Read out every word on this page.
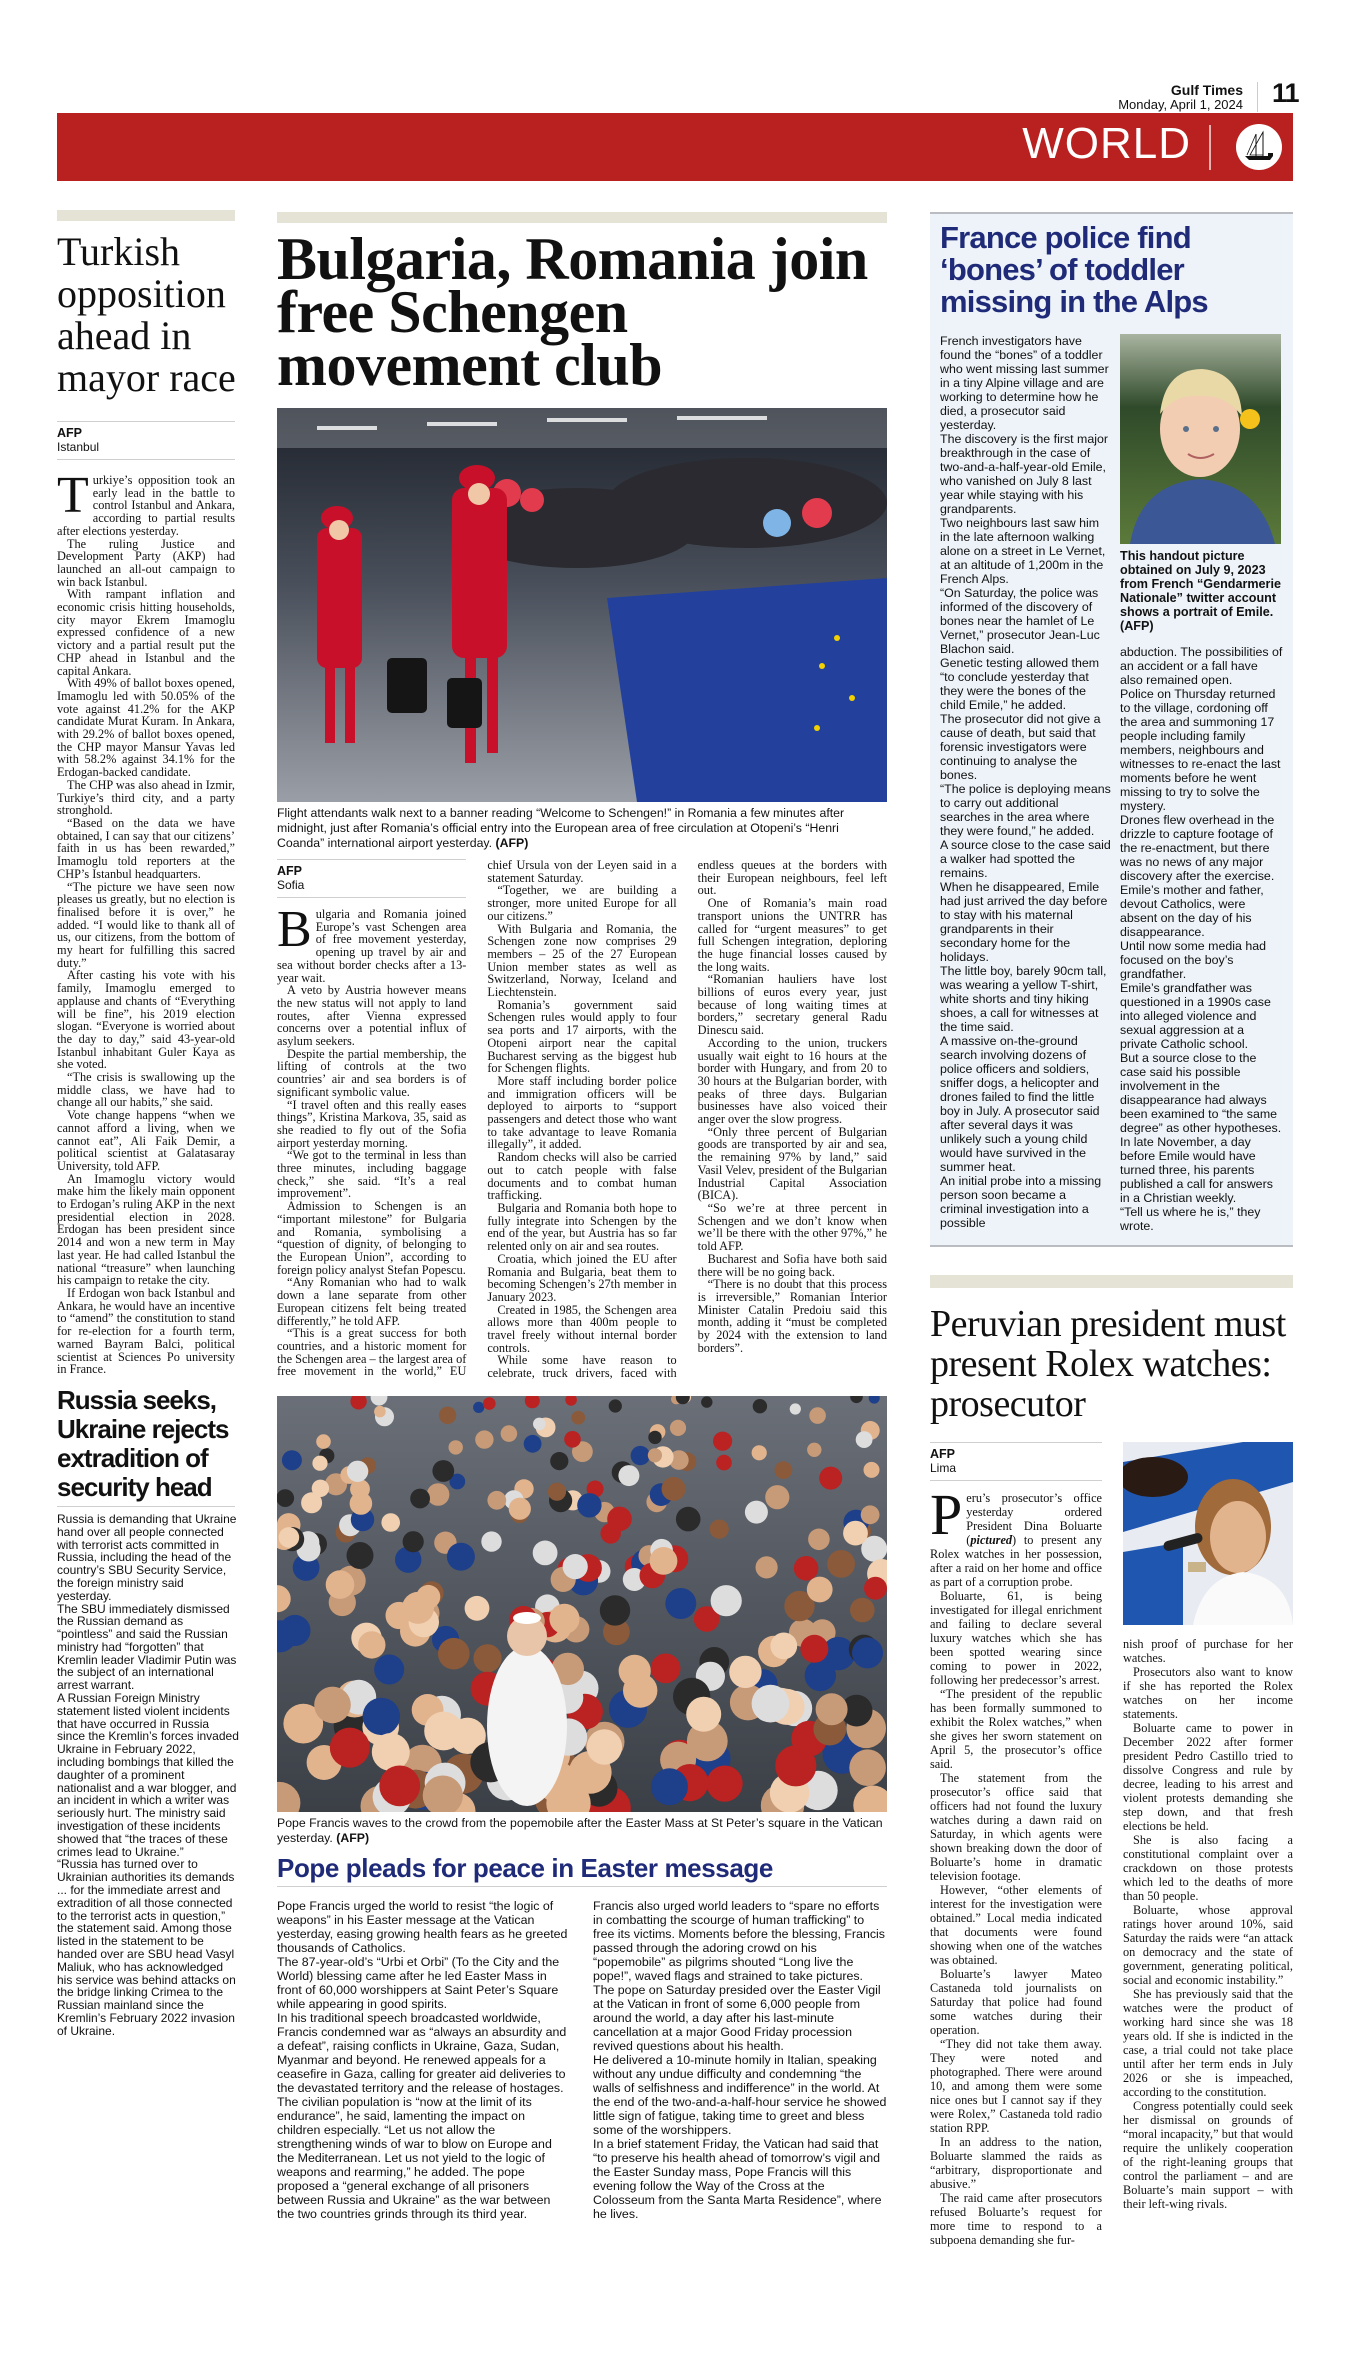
Gulf Times
Monday, April 1, 2024 11
WORLD
Turkish opposition ahead in mayor race
AFP
Istanbul
T urkiye’s opposition took an early lead in the battle to control Istanbul and Ankara, according to partial results after elections yesterday.

The ruling Justice and Development Party (AKP) had launched an all-out campaign to win back Istanbul.

With rampant inflation and economic crisis hitting households, city mayor Ekrem Imamoglu expressed confidence of a new victory and a partial result put the CHP ahead in Istanbul and the capital Ankara.

With 49% of ballot boxes opened, Imamoglu led with 50.05% of the vote against 41.2% for the AKP candidate Murat Kuram. In Ankara, with 29.2% of ballot boxes opened, the CHP mayor Mansur Yavas led with 58.2% against 34.1% for the Erdogan-backed candidate.

The CHP was also ahead in Izmir, Turkiye’s third city, and a party stronghold.

“Based on the data we have obtained, I can say that our citizens’ faith in us has been rewarded,” Imamoglu told reporters at the CHP’s Istanbul headquarters.

“The picture we have seen now pleases us greatly, but no election is finalised before it is over,” he added. “I would like to thank all of us, our citizens, from the bottom of my heart for fulfilling this sacred duty.”

After casting his vote with his family, Imamoglu emerged to applause and chants of “Everything will be fine”, his 2019 election slogan. “Everyone is worried about the day to day,” said 43-year-old Istanbul inhabitant Guler Kaya as she voted.

“The crisis is swallowing up the middle class, we have had to change all our habits,” she said.

Vote change happens “when we cannot afford a living, when we cannot eat”, Ali Faik Demir, a political scientist at Galatasaray University, told AFP.

An Imamoglu victory would make him the likely main opponent to Erdogan’s ruling AKP in the next presidential election in 2028. Erdogan has been president since 2014 and won a new term in May last year. He had called Istanbul the national “treasure” when launching his campaign to retake the city.

If Erdogan won back Istanbul and Ankara, he would have an incentive to “amend” the constitution to stand for re-election for a fourth term, warned Bayram Balci, political scientist at Sciences Po university in France.

Russia seeks, Ukraine rejects extradition of security head

Russia is demanding that Ukraine hand over all people connected with terrorist acts committed in Russia, including the head of the country’s SBU Security Service, the foreign ministry said yesterday.

The SBU immediately dismissed the Russian demand as “pointless” and said the Russian ministry had “forgotten” that Kremlin leader Vladimir Putin was the subject of an international arrest warrant.

A Russian Foreign Ministry statement listed violent incidents that have occurred in Russia since the Kremlin’s forces invaded Ukraine in February 2022, including bombings that killed the daughter of a prominent nationalist and a war blogger, and an incident in which a writer was seriously hurt. The ministry said investigation of these incidents showed that “the traces of these crimes lead to Ukraine.”

“Russia has turned over to Ukrainian authorities its demands ... for the immediate arrest and extradition of all those connected to the terrorist acts in question,” the statement said. Among those listed in the statement to be handed over are SBU head Vasyl Maliuk, who has acknowledged his service was behind attacks on the bridge linking Crimea to the Russian mainland since the Kremlin’s February 2022 invasion of Ukraine.

Bulgaria, Romania join free Schengen movement club
Flight attendants walk next to a banner reading “Welcome to Schengen!” in Romania a few minutes after midnight, just after Romania’s official entry into the European area of free circulation at Otopeni’s “Henri Coanda” international airport yesterday. (AFP)
AFP
Sofia
B ulgaria and Romania joined Europe’s vast Schengen area of free movement yesterday, opening up travel by air and sea without border checks after a 13-year wait.

A veto by Austria however means the new status will not apply to land routes, after Vienna expressed concerns over a potential influx of asylum seekers.

Despite the partial membership, the lifting of controls at the two countries’ air and sea borders is of significant symbolic value.

“I travel often and this really eases things”, Kristina Markova, 35, said as she readied to fly out of the Sofia airport yesterday morning.

“We got to the terminal in less than three minutes, including baggage check,” she said. “It’s a real improvement”.

Admission to Schengen is an “important milestone” for Bulgaria and Romania, symbolising a “question of dignity, of belonging to the European Union”, according to foreign policy analyst Stefan Popescu.

“Any Romanian who had to walk down a lane separate from other European citizens felt being treated differently,” he told AFP.

“This is a great success for both countries, and a historic moment for the Schengen area – the largest area of free movement in the world,” EU chief Ursula von der Leyen said in a statement Saturday.

“Together, we are building a stronger, more united Europe for all our citizens.”

With Bulgaria and Romania, the Schengen zone now comprises 29 members – 25 of the 27 European Union member states as well as Switzerland, Norway, Iceland and Liechtenstein.

Romania’s government said Schengen rules would apply to four sea ports and 17 airports, with the Otopeni airport near the capital Bucharest serving as the biggest hub for Schengen flights.

More staff including border police and immigration officers will be deployed to airports to “support passengers and detect those who want to take advantage to leave Romania illegally”, it added.

Random checks will also be carried out to catch people with false documents and to combat human trafficking.

Bulgaria and Romania both hope to fully integrate into Schengen by the end of the year, but Austria has so far relented only on air and sea routes.

Croatia, which joined the EU after Romania and Bulgaria, beat them to becoming Schengen’s 27th member in January 2023.

Created in 1985, the Schengen area allows more than 400m people to travel freely without internal border controls.

While some have reason to celebrate, truck drivers, faced with endless queues at the borders with their European neighbours, feel left out.

One of Romania’s main road transport unions the UNTRR has called for “urgent measures” to get full Schengen integration, deploring the huge financial losses caused by the long waits.

“Romanian hauliers have lost billions of euros every year, just because of long waiting times at borders,” secretary general Radu Dinescu said.

According to the union, truckers usually wait eight to 16 hours at the border with Hungary, and from 20 to 30 hours at the Bulgarian border, with peaks of three days. Bulgarian businesses have also voiced their anger over the slow progress.

“Only three percent of Bulgarian goods are transported by air and sea, the remaining 97% by land,” said Vasil Velev, president of the Bulgarian Industrial Capital Association (BICA).

“So we’re at three percent in Schengen and we don’t know when we’ll be there with the other 97%,” he told AFP.

Bucharest and Sofia have both said there will be no going back.

“There is no doubt that this process is irreversible,” Romanian Interior Minister Catalin Predoiu said this month, adding it “must be completed by 2024 with the extension to land borders”.

Pope Francis waves to the crowd from the popemobile after the Easter Mass at St Peter’s square in the Vatican yesterday. (AFP)
Pope pleads for peace in Easter message

Pope Francis urged the world to resist “the logic of weapons” in his Easter message at the Vatican yesterday, easing growing health fears as he greeted thousands of Catholics.

The 87-year-old’s “Urbi et Orbi” (To the City and the World) blessing came after he led Easter Mass in front of 60,000 worshippers at Saint Peter’s Square while appearing in good spirits.

In his traditional speech broadcasted worldwide, Francis condemned war as “always an absurdity and a defeat”, raising conflicts in Ukraine, Gaza, Sudan, Myanmar and beyond. He renewed appeals for a ceasefire in Gaza, calling for greater aid deliveries to the devastated territory and the release of hostages.

The civilian population is “now at the limit of its endurance”, he said, lamenting the impact on children especially. “Let us not allow the strengthening winds of war to blow on Europe and the Mediterranean. Let us not yield to the logic of weapons and rearming,” he added. The pope proposed a “general exchange of all prisoners between Russia and Ukraine” as the war between the two countries grinds through its third year.

Francis also urged world leaders to “spare no efforts in combatting the scourge of human trafficking” to free its victims. Moments before the blessing, Francis passed through the adoring crowd on his “popemobile” as pilgrims shouted “Long live the pope!”, waved flags and strained to take pictures.

The pope on Saturday presided over the Easter Vigil at the Vatican in front of some 6,000 people from around the world, a day after his last-minute cancellation at a major Good Friday procession revived questions about his health.

He delivered a 10-minute homily in Italian, speaking without any undue difficulty and condemning “the walls of selfishness and indifference” in the world. At the end of the two-and-a-half-hour service he showed little sign of fatigue, taking time to greet and bless some of the worshippers.

In a brief statement Friday, the Vatican had said that “to preserve his health ahead of tomorrow’s vigil and the Easter Sunday mass, Pope Francis will this evening follow the Way of the Cross at the Colosseum from the Santa Marta Residence”, where he lives.

France police find ‘bones’ of toddler missing in the Alps

French investigators have found the “bones” of a toddler who went missing last summer in a tiny Alpine village and are working to determine how he died, a prosecutor said yesterday.

The discovery is the first major breakthrough in the case of two-and-a-half-year-old Emile, who vanished on July 8 last year while staying with his grandparents.

Two neighbours last saw him in the late afternoon walking alone on a street in Le Vernet, at an altitude of 1,200m in the French Alps.

“On Saturday, the police was informed of the discovery of bones near the hamlet of Le Vernet,” prosecutor Jean-Luc Blachon said.

Genetic testing allowed them “to conclude yesterday that they were the bones of the child Emile,” he added.

The prosecutor did not give a cause of death, but said that forensic investigators were continuing to analyse the bones.

“The police is deploying means to carry out additional searches in the area where they were found,” he added.

A source close to the case said a walker had spotted the remains.

When he disappeared, Emile had just arrived the day before to stay with his maternal grandparents in their secondary home for the holidays.

The little boy, barely 90cm tall, was wearing a yellow T-shirt, white shorts and tiny hiking shoes, a call for witnesses at the time said.

A massive on-the-ground search involving dozens of police officers and soldiers, sniffer dogs, a helicopter and drones failed to find the little boy in July. A prosecutor said after several days it was unlikely such a young child would have survived in the summer heat.

An initial probe into a missing person soon became a criminal investigation into a possible

This handout picture obtained on July 9, 2023 from French “Gendarmerie Nationale” twitter account shows a portrait of Emile. (AFP)

abduction. The possibilities of an accident or a fall have also remained open.

Police on Thursday returned to the village, cordoning off the area and summoning 17 people including family members, neighbours and witnesses to re-enact the last moments before he went missing to try to solve the mystery.

Drones flew overhead in the drizzle to capture footage of the re-enactment, but there was no news of any major discovery after the exercise.

Emile’s mother and father, devout Catholics, were absent on the day of his disappearance.

Until now some media had focused on the boy’s grandfather.

Emile’s grandfather was questioned in a 1990s case into alleged violence and sexual aggression at a private Catholic school.

But a source close to the case said his possible involvement in the disappearance had always been examined to “the same degree” as other hypotheses.

In late November, a day before Emile would have turned three, his parents published a call for answers in a Christian weekly.

“Tell us where he is,” they wrote.

Peruvian president must present Rolex watches: prosecutor
AFP
Lima
P eru’s prosecutor’s office yesterday ordered President Dina Boluarte (pictured) to present any Rolex watches in her possession, after a raid on her home and office as part of a corruption probe.

Boluarte, 61, is being investigated for illegal enrichment and failing to declare several luxury watches which she has been spotted wearing since coming to power in 2022, following her predecessor’s arrest.

“The president of the republic has been formally summoned to exhibit the Rolex watches,” when she gives her sworn statement on April 5, the prosecutor’s office said.

The statement from the prosecutor’s office said that officers had not found the luxury watches during a dawn raid on Saturday, in which agents were shown breaking down the door of Boluarte’s home in dramatic television footage.

However, “other elements of interest for the investigation were obtained.” Local media indicated that documents were found showing when one of the watches was obtained.

Boluarte’s lawyer Mateo Castaneda told journalists on Saturday that police had found some watches during their operation.

“They did not take them away. They were noted and photographed. There were around 10, and among them were some nice ones but I cannot say if they were Rolex,” Castaneda told radio station RPP.

In an address to the nation, Boluarte slammed the raids as “arbitrary, disproportionate and abusive.”

The raid came after prosecutors refused Boluarte’s request for more time to respond to a subpoena demanding she fur-

nish proof of purchase for her watches.

Prosecutors also want to know if she has reported the Rolex watches on her income statements.

Boluarte came to power in December 2022 after former president Pedro Castillo tried to dissolve Congress and rule by decree, leading to his arrest and violent protests demanding she step down, and that fresh elections be held.

She is also facing a constitutional complaint over a crackdown on those protests which led to the deaths of more than 50 people.

Boluarte, whose approval ratings hover around 10%, said Saturday the raids were “an attack on democracy and the state of government, generating political, social and economic instability.”

She has previously said that the watches were the product of working hard since she was 18 years old. If she is indicted in the case, a trial could not take place until after her term ends in July 2026 or she is impeached, according to the constitution.

Congress potentially could seek her dismissal on grounds of “moral incapacity,” but that would require the unlikely cooperation of the right-leaning groups that control the parliament – and are Boluarte’s main support – with their left-wing rivals.
